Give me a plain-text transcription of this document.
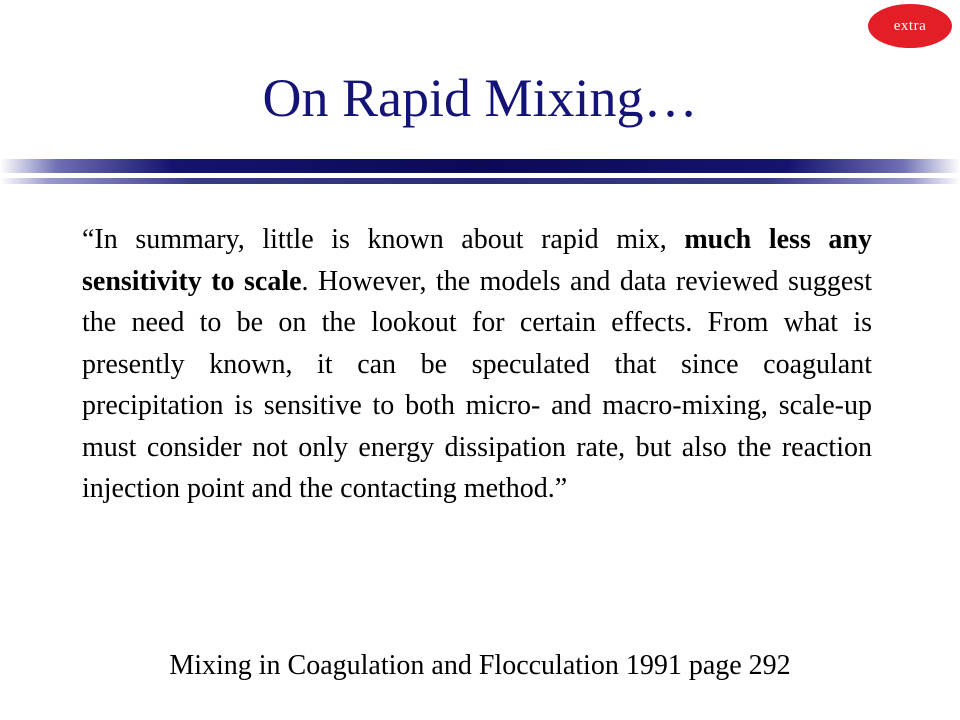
extra
On Rapid Mixing…

“In summary, little is known about rapid mix, much less any sensitivity to scale. However, the models and data reviewed suggest the need to be on the lookout for certain effects. From what is presently known, it can be speculated that since coagulant precipitation is sensitive to both micro- and macro-mixing, scale-up must consider not only energy dissipation rate, but also the reaction injection point and the contacting method.”

Mixing in Coagulation and Flocculation 1991 page 292
